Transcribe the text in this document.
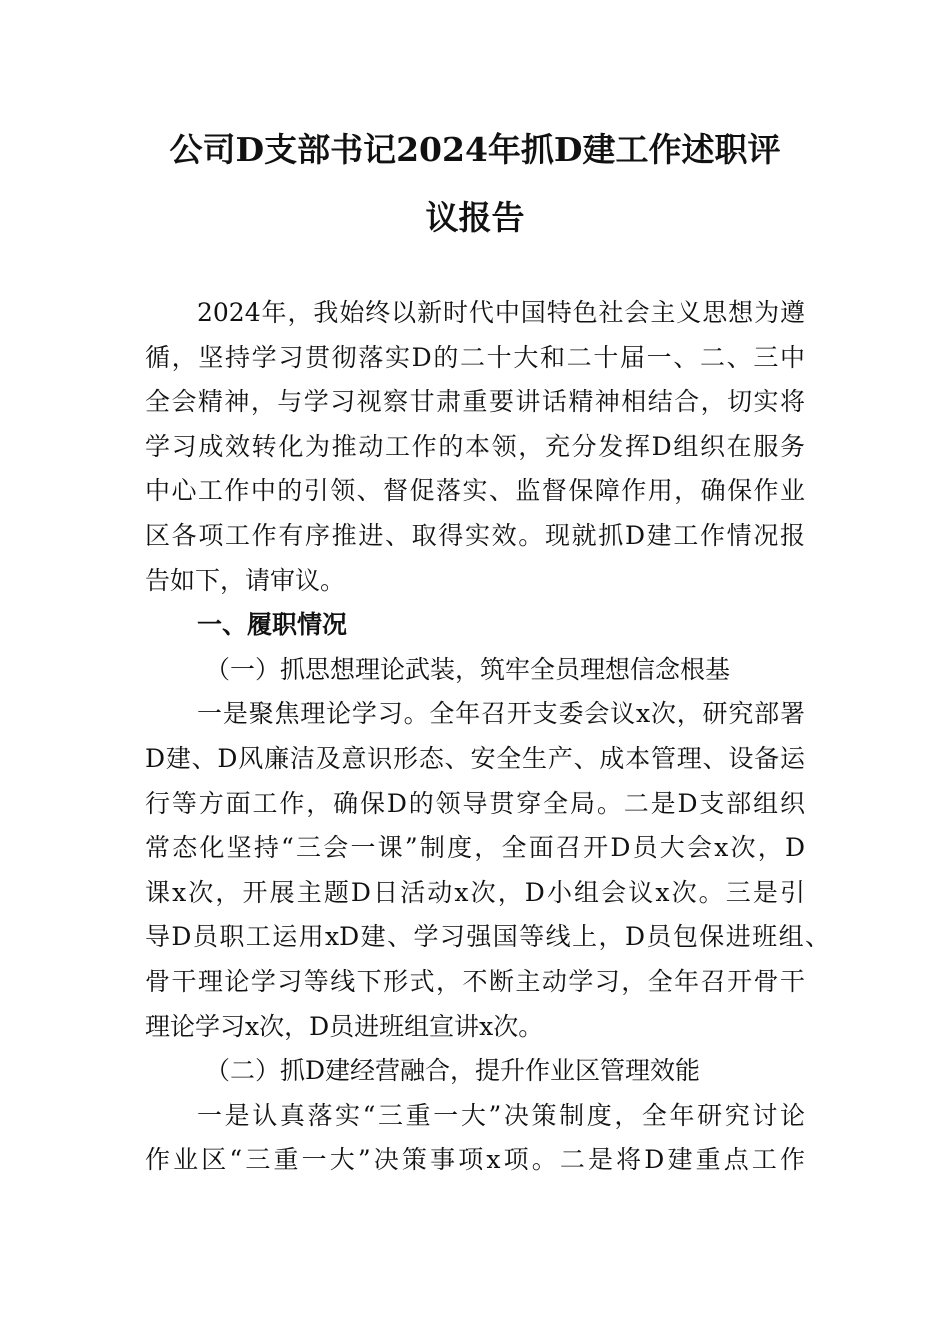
公司D支部书记2024年抓D建工作述职评
议报告
2024年，我始终以新时代中国特色社会主义思想为遵
循，坚持学习贯彻落实D的二十大和二十届一、二、三中
全会精神，与学习视察甘肃重要讲话精神相结合，切实将
学习成效转化为推动工作的本领，充分发挥D组织在服务
中心工作中的引领、督促落实、监督保障作用，确保作业
区各项工作有序推进、取得实效。现就抓D建工作情况报
告如下，请审议。
一、履职情况
（一）抓思想理论武装，筑牢全员理想信念根基
一是聚焦理论学习。全年召开支委会议x次，研究部署
D建、D风廉洁及意识形态、安全生产、成本管理、设备运
行等方面工作，确保D的领导贯穿全局。二是D支部组织
常态化坚持“三会一课”制度，全面召开D员大会x次，D
课x次，开展主题D日活动x次，D小组会议x次。三是引
导D员职工运用xD建、学习强国等线上，D员包保进班组、
骨干理论学习等线下形式，不断主动学习，全年召开骨干
理论学习x次，D员进班组宣讲x次。
（二）抓D建经营融合，提升作业区管理效能
一是认真落实“三重一大”决策制度，全年研究讨论
作业区“三重一大”决策事项x项。二是将D建重点工作
